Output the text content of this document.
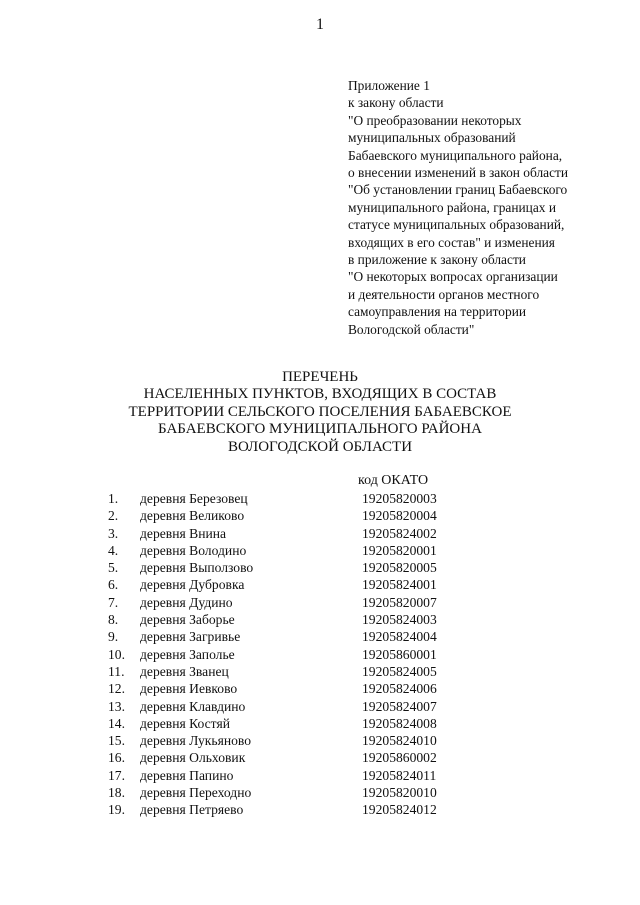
1
Приложение 1
к закону области
"О преобразовании некоторых
муниципальных образований
Бабаевского муниципального района,
о внесении изменений в закон области
"Об установлении границ Бабаевского
муниципального района, границах и
статусе муниципальных образований,
входящих в его состав" и изменения
в приложение к закону области
"О некоторых вопросах организации
и деятельности органов местного
самоуправления на территории
Вологодской области"
ПЕРЕЧЕНЬ
НАСЕЛЕННЫХ ПУНКТОВ, ВХОДЯЩИХ В СОСТАВ
ТЕРРИТОРИИ СЕЛЬСКОГО ПОСЕЛЕНИЯ БАБАЕВСКОЕ
БАБАЕВСКОГО МУНИЦИПАЛЬНОГО РАЙОНА
ВОЛОГОДСКОЙ ОБЛАСТИ
код ОКАТО
1. деревня Березовец	19205820003
2. деревня Великово	19205820004
3. деревня Внина	19205824002
4. деревня Володино	19205820001
5. деревня Выползово	19205820005
6. деревня Дубровка	19205824001
7. деревня Дудино	19205820007
8. деревня Заборье	19205824003
9. деревня Загривье	19205824004
10. деревня Заполье	19205860001
11. деревня Званец	19205824005
12. деревня Иевково	19205824006
13. деревня Клавдино	19205824007
14. деревня Костяй	19205824008
15. деревня Лукьяново	19205824010
16. деревня Ольховик	19205860002
17. деревня Папино	19205824011
18. деревня Переходно	19205820010
19. деревня Петряево	19205824012
